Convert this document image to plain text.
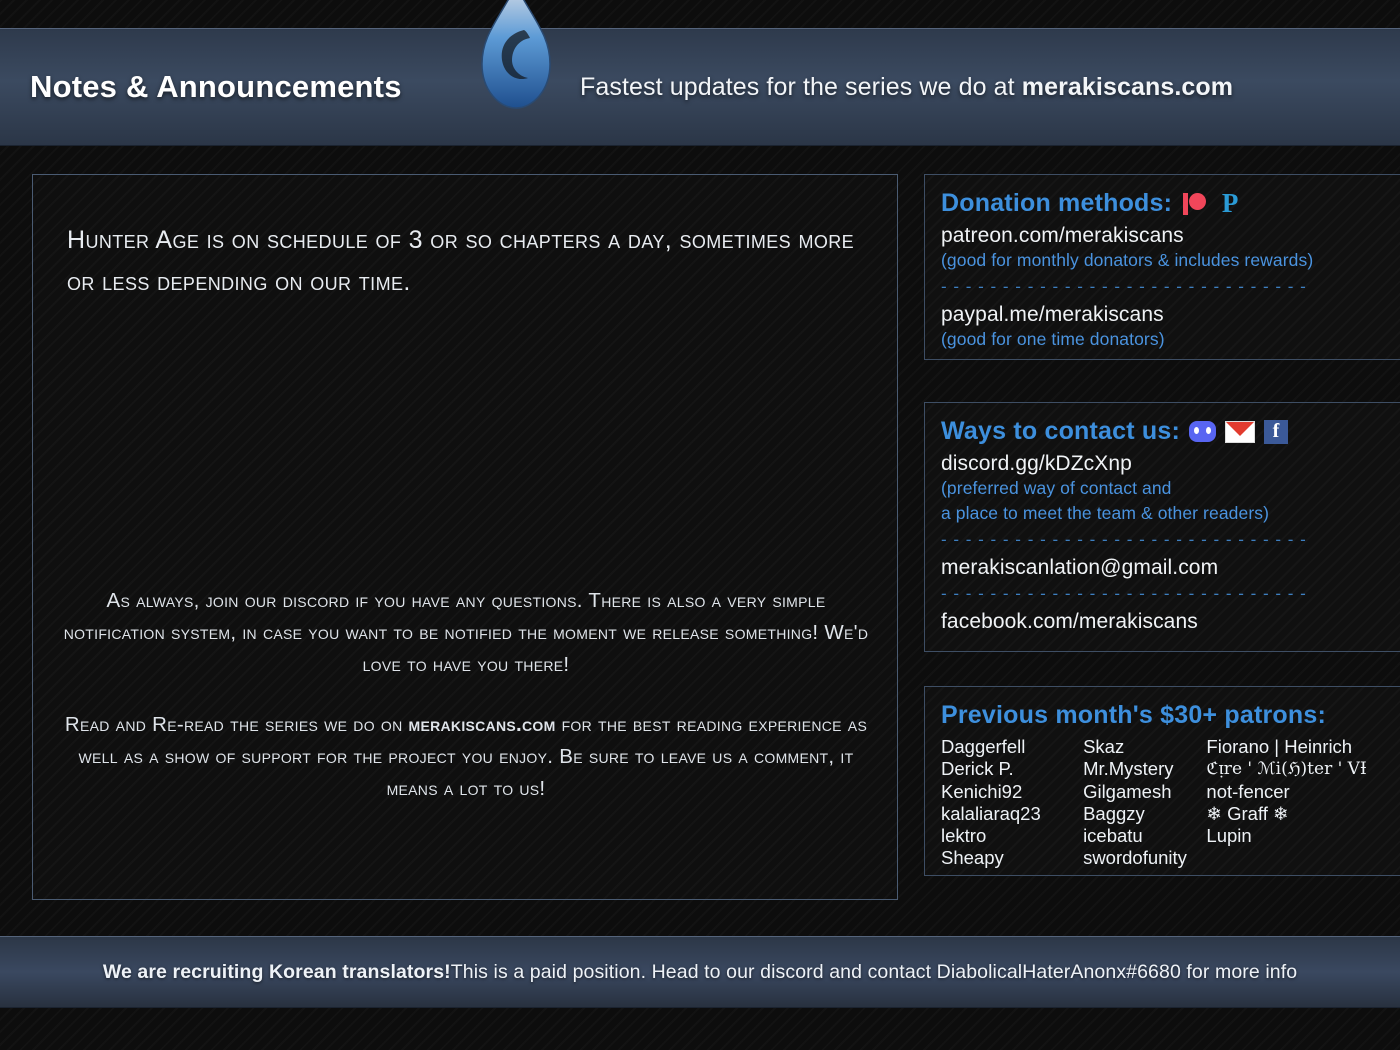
Notes & Announcements	Fastest updates for the series we do at merakiscans.com
Hunter Age is on schedule of 3 or so chapters a day, sometimes more or less depending on our time.
As always, join our discord if you have any questions. There is also a very simple notification system, in case you want to be notified the moment we release something! We'd love to have you there!
Read and Re-read the series we do on merakiscans.com for the best reading experience as well as a show of support for the project you enjoy. Be sure to leave us a comment, it means a lot to us!
Donation methods: P
patreon.com/merakiscans
(good for monthly donators & includes rewards)
- - - - - - - - - - - - - - - - - - - - - - - - - - - - - -
paypal.me/merakiscans
(good for one time donators)
Ways to contact us:	f
discord.gg/kDZcXnp
(preferred way of contact and
a place to meet the team & other readers)
- - - - - - - - - - - - - - - - - - - - - - - - - - - - - -
merakiscanlation@gmail.com
- - - - - - - - - - - - - - - - - - - - - - - - - - - - - -
facebook.com/merakiscans
Previous month's $30+ patrons:
Daggerfell
Derick P.
Kenichi92
kalaliaraq23
lektro
Sheapy
Skaz
Mr.Mystery
Gilgamesh
Baggzy
icebatu
swordofunity
Fiorano | Heinrich
ℭᴉre ' ℳi(ℌ)ter ' VƗ
not-fencer
❄ Graff ❄
Lupin
We are recruiting Korean translators!This is a paid position. Head to our discord and contact DiabolicalHaterAnonx#6680 for more info
